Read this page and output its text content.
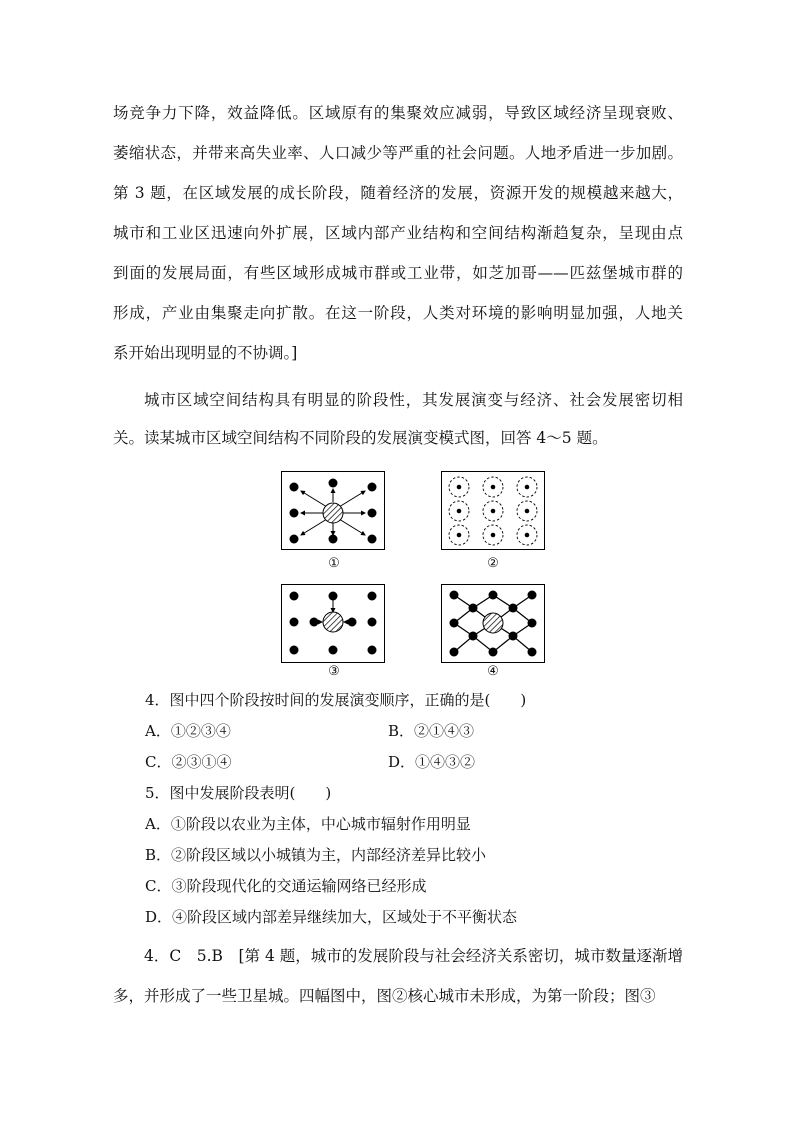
场竞争力下降，效益降低。区域原有的集聚效应减弱，导致区域经济呈现衰败、
萎缩状态，并带来高失业率、人口减少等严重的社会问题。人地矛盾进一步加剧。
第 3 题，在区域发展的成长阶段，随着经济的发展，资源开发的规模越来越大，
城市和工业区迅速向外扩展，区域内部产业结构和空间结构渐趋复杂，呈现由点
到面的发展局面，有些区域形成城市群或工业带，如芝加哥——匹兹堡城市群的
形成，产业由集聚走向扩散。在这一阶段，人类对环境的影响明显加强，人地关
系开始出现明显的不协调。]
城市区域空间结构具有明显的阶段性，其发展演变与经济、社会发展密切相
关。读某城市区域空间结构不同阶段的发展演变模式图，回答 4～5 题。
①	②
③	④
4．图中四个阶段按时间的发展演变顺序，正确的是(　　)
A．①②③④	B．②①④③
C．②③①④	D．①④③②
5．图中发展阶段表明(　　)
A．①阶段以农业为主体，中心城市辐射作用明显
B．②阶段区域以小城镇为主，内部经济差异比较小
C．③阶段现代化的交通运输网络已经形成
D．④阶段区域内部差异继续加大，区域处于不平衡状态
4．C　5.B　[第 4 题，城市的发展阶段与社会经济关系密切，城市数量逐渐增
多，并形成了一些卫星城。四幅图中，图②核心城市未形成，为第一阶段；图③
